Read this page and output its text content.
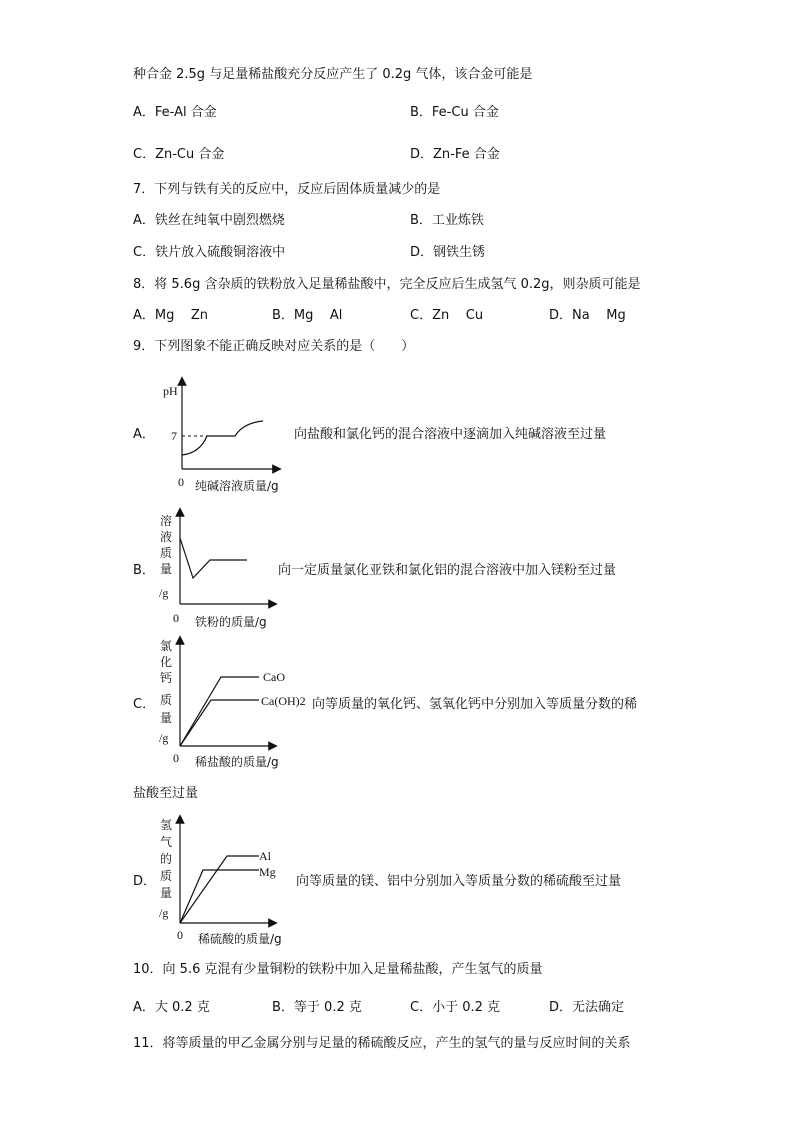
种合金 2.5g 与足量稀盐酸充分反应产生了 0.2g 气体，该合金可能是
A．Fe-Al 合金	B．Fe-Cu 合金
C．Zn-Cu 合金	D．Zn-Fe 合金
7．下列与铁有关的反应中，反应后固体质量减少的是
A．铁丝在纯氧中剧烈燃烧	B．工业炼铁
C．铁片放入硫酸铜溶液中	D．钢铁生锈
8．将 5.6g 含杂质的铁粉放入足量稀盐酸中，完全反应后生成氢气 0.2g，则杂质可能是
A．Mg    Zn	B．Mg    Al	C．Zn    Cu	D．Na    Mg
9．下列图象不能正确反映对应关系的是（　　）
A．
pH
7
0 纯碱溶液质量/g
向盐酸和氯化钙的混合溶液中逐滴加入纯碱溶液至过量
B．
溶
液
质
量
/g
0 铁粉的质量/g
向一定质量氯化亚铁和氯化铝的混合溶液中加入镁粉至过量
C．
CaO
Ca(OH)2
氯
化
钙
质
量
/g
0 稀盐酸的质量/g
向等质量的氧化钙、氢氧化钙中分别加入等质量分数的稀
盐酸至过量
D．
Al
Mg
氢
气
的
质
量
/g
0 稀硫酸的质量/g
向等质量的镁、铝中分别加入等质量分数的稀硫酸至过量
10．向 5.6 克混有少量铜粉的铁粉中加入足量稀盐酸，产生氢气的质量
A．大 0.2 克	B．等于 0.2 克	C．小于 0.2 克	D．无法确定
11．将等质量的甲乙金属分别与足量的稀硫酸反应，产生的氢气的量与反应时间的关系
